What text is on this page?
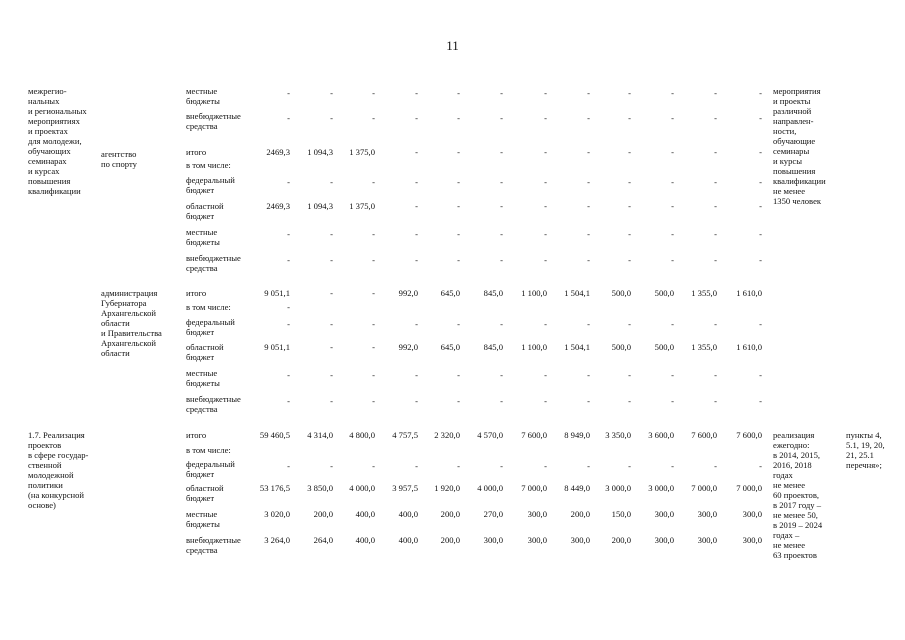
11
межрегио-
нальных
и региональных
мероприятиях
и проектах
для молодежи,
обучающих
семинарах
и курсах
повышения
квалификации
мероприятия
и проекты
различной
направлен-
ности,
обучающие
семинары
и курсы
повышения
квалификации
не менее
1350 человек
местные
бюджеты
-	-	-	-	-	-	-	-	-	-	-	-
внебюджетные
средства
-	-	-	-	-	-	-	-	-	-	-	-
агентство
по спорту
итого	2469,3	1 094,3	1 375,0	-	-	-	-	-	-	-	-	-
в том числе:
федеральный
бюджет
-	-	-	-	-	-	-	-	-	-	-	-
областной
бюджет
2469,3	1 094,3	1 375,0	-	-	-	-	-	-	-	-	-
местные
бюджеты
-	-	-	-	-	-	-	-	-	-	-	-
внебюджетные
средства
-	-	-	-	-	-	-	-	-	-	-	-
администрация
Губернатора
Архангельской
области
и Правительства
Архангельской
области
итого	9 051,1	-	-	992,0	645,0	845,0	1 100,0	1 504,1	500,0	500,0	1 355,0	1 610,0
в том числе:	-
федеральный
бюджет
-	-	-	-	-	-	-	-	-	-	-	-
областной
бюджет
9 051,1	-	-	992,0	645,0	845,0	1 100,0	1 504,1	500,0	500,0	1 355,0	1 610,0
местные
бюджеты
-	-	-	-	-	-	-	-	-	-	-	-
внебюджетные
средства
-	-	-	-	-	-	-	-	-	-	-	-
1.7. Реализация
проектов
в сфере государ-
ственной
молодежной
политики
(на конкурсной
основе)
реализация
ежегодно:
в 2014, 2015,
2016, 2018
годах
не менее
60 проектов,
в 2017 году –
не менее 50,
в 2019 – 2024
годах –
не менее
63 проектов
пункты 4,
5.1, 19, 20,
21, 25.1
перечня»;
итого	59 460,5	4 314,0	4 800,0	4 757,5	2 320,0	4 570,0	7 600,0	8 949,0	3 350,0	3 600,0	7 600,0	7 600,0
в том числе:
федеральный
бюджет
-	-	-	-	-	-	-	-	-	-	-	-
областной
бюджет
53 176,5	3 850,0	4 000,0	3 957,5	1 920,0	4 000,0	7 000,0	8 449,0	3 000,0	3 000,0	7 000,0	7 000,0
местные
бюджеты
3 020,0	200,0	400,0	400,0	200,0	270,0	300,0	200,0	150,0	300,0	300,0	300,0
внебюджетные
средства
3 264,0	264,0	400,0	400,0	200,0	300,0	300,0	300,0	200,0	300,0	300,0	300,0
